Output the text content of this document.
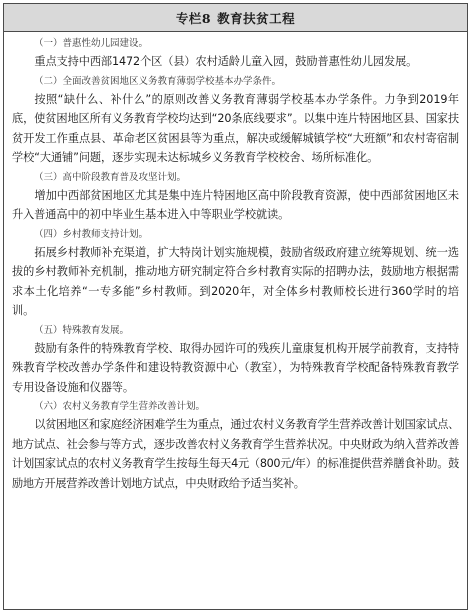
专栏8 教育扶贫工程
（一）普惠性幼儿园建设。

重点支持中西部1472个区（县）农村适龄儿童入园，鼓励普惠性幼儿园发展。

（二）全面改善贫困地区义务教育薄弱学校基本办学条件。

按照“缺什么、补什么”的原则改善义务教育薄弱学校基本办学条件。力争到2019年底，使贫困地区所有义务教育学校均达到“20条底线要求”。以集中连片特困地区县、国家扶贫开发工作重点县、革命老区贫困县等为重点，解决或缓解城镇学校“大班额”和农村寄宿制学校“大通铺”问题，逐步实现未达标城乡义务教育学校校舍、场所标准化。

（三）高中阶段教育普及攻坚计划。

增加中西部贫困地区尤其是集中连片特困地区高中阶段教育资源，使中西部贫困地区未升入普通高中的初中毕业生基本进入中等职业学校就读。

（四）乡村教师支持计划。

拓展乡村教师补充渠道，扩大特岗计划实施规模，鼓励省级政府建立统筹规划、统一选拔的乡村教师补充机制，推动地方研究制定符合乡村教育实际的招聘办法，鼓励地方根据需求本土化培养“一专多能”乡村教师。到2020年，对全体乡村教师校长进行360学时的培训。

（五）特殊教育发展。

鼓励有条件的特殊教育学校、取得办园许可的残疾儿童康复机构开展学前教育，支持特殊教育学校改善办学条件和建设特教资源中心（教室），为特殊教育学校配备特殊教育教学专用设备设施和仪器等。

（六）农村义务教育学生营养改善计划。

以贫困地区和家庭经济困难学生为重点，通过农村义务教育学生营养改善计划国家试点、地方试点、社会参与等方式，逐步改善农村义务教育学生营养状况。中央财政为纳入营养改善计划国家试点的农村义务教育学生按每生每天4元（800元/年）的标准提供营养膳食补助。鼓励地方开展营养改善计划地方试点，中央财政给予适当奖补。
